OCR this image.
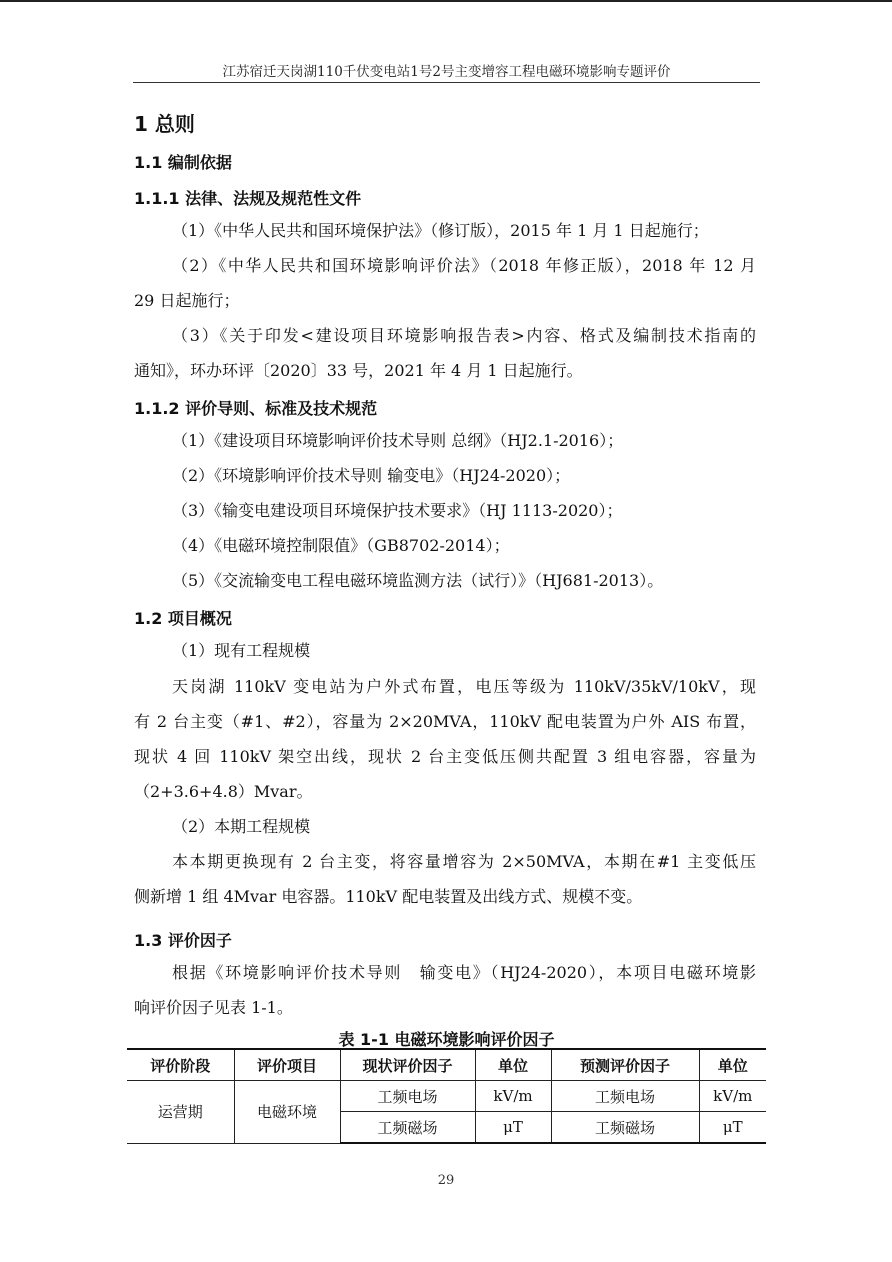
江苏宿迁天岗湖110千伏变电站1号2号主变增容工程电磁环境影响专题评价
1 总则
1.1 编制依据
1.1.1 法律、法规及规范性文件
（1）《中华人民共和国环境保护法》（修订版），2015 年 1 月 1 日起施行；
（2）《中华人民共和国环境影响评价法》（2018 年修正版），2018 年 12 月
29 日起施行；
（3）《关于印发<建设项目环境影响报告表>内容、格式及编制技术指南的
通知》，环办环评〔2020〕33 号，2021 年 4 月 1 日起施行。
1.1.2 评价导则、标准及技术规范
（1）《建设项目环境影响评价技术导则 总纲》（HJ2.1-2016）；
（2）《环境影响评价技术导则 输变电》（HJ24-2020）；
（3）《输变电建设项目环境保护技术要求》（HJ 1113-2020）；
（4）《电磁环境控制限值》（GB8702-2014）；
（5）《交流输变电工程电磁环境监测方法（试行）》（HJ681-2013）。
1.2 项目概况
（1）现有工程规模
天岗湖 110kV 变电站为户外式布置，电压等级为 110kV/35kV/10kV，现
有 2 台主变（#1、#2），容量为 2×20MVA，110kV 配电装置为户外 AIS 布置，
现状 4 回 110kV 架空出线，现状 2 台主变低压侧共配置 3 组电容器，容量为
（2+3.6+4.8）Mvar。
（2）本期工程规模
本本期更换现有 2 台主变，将容量增容为 2×50MVA，本期在#1 主变低压
侧新增 1 组 4Mvar 电容器。110kV 配电装置及出线方式、规模不变。
1.3 评价因子
根据《环境影响评价技术导则　输变电》（HJ24-2020），本项目电磁环境影
响评价因子见表 1-1。
表 1-1 电磁环境影响评价因子
评价阶段	评价项目	现状评价因子	单位	预测评价因子	单位
运营期	电磁环境	工频电场	kV/m	工频电场	kV/m
		工频磁场	μT	工频磁场	μT
29
